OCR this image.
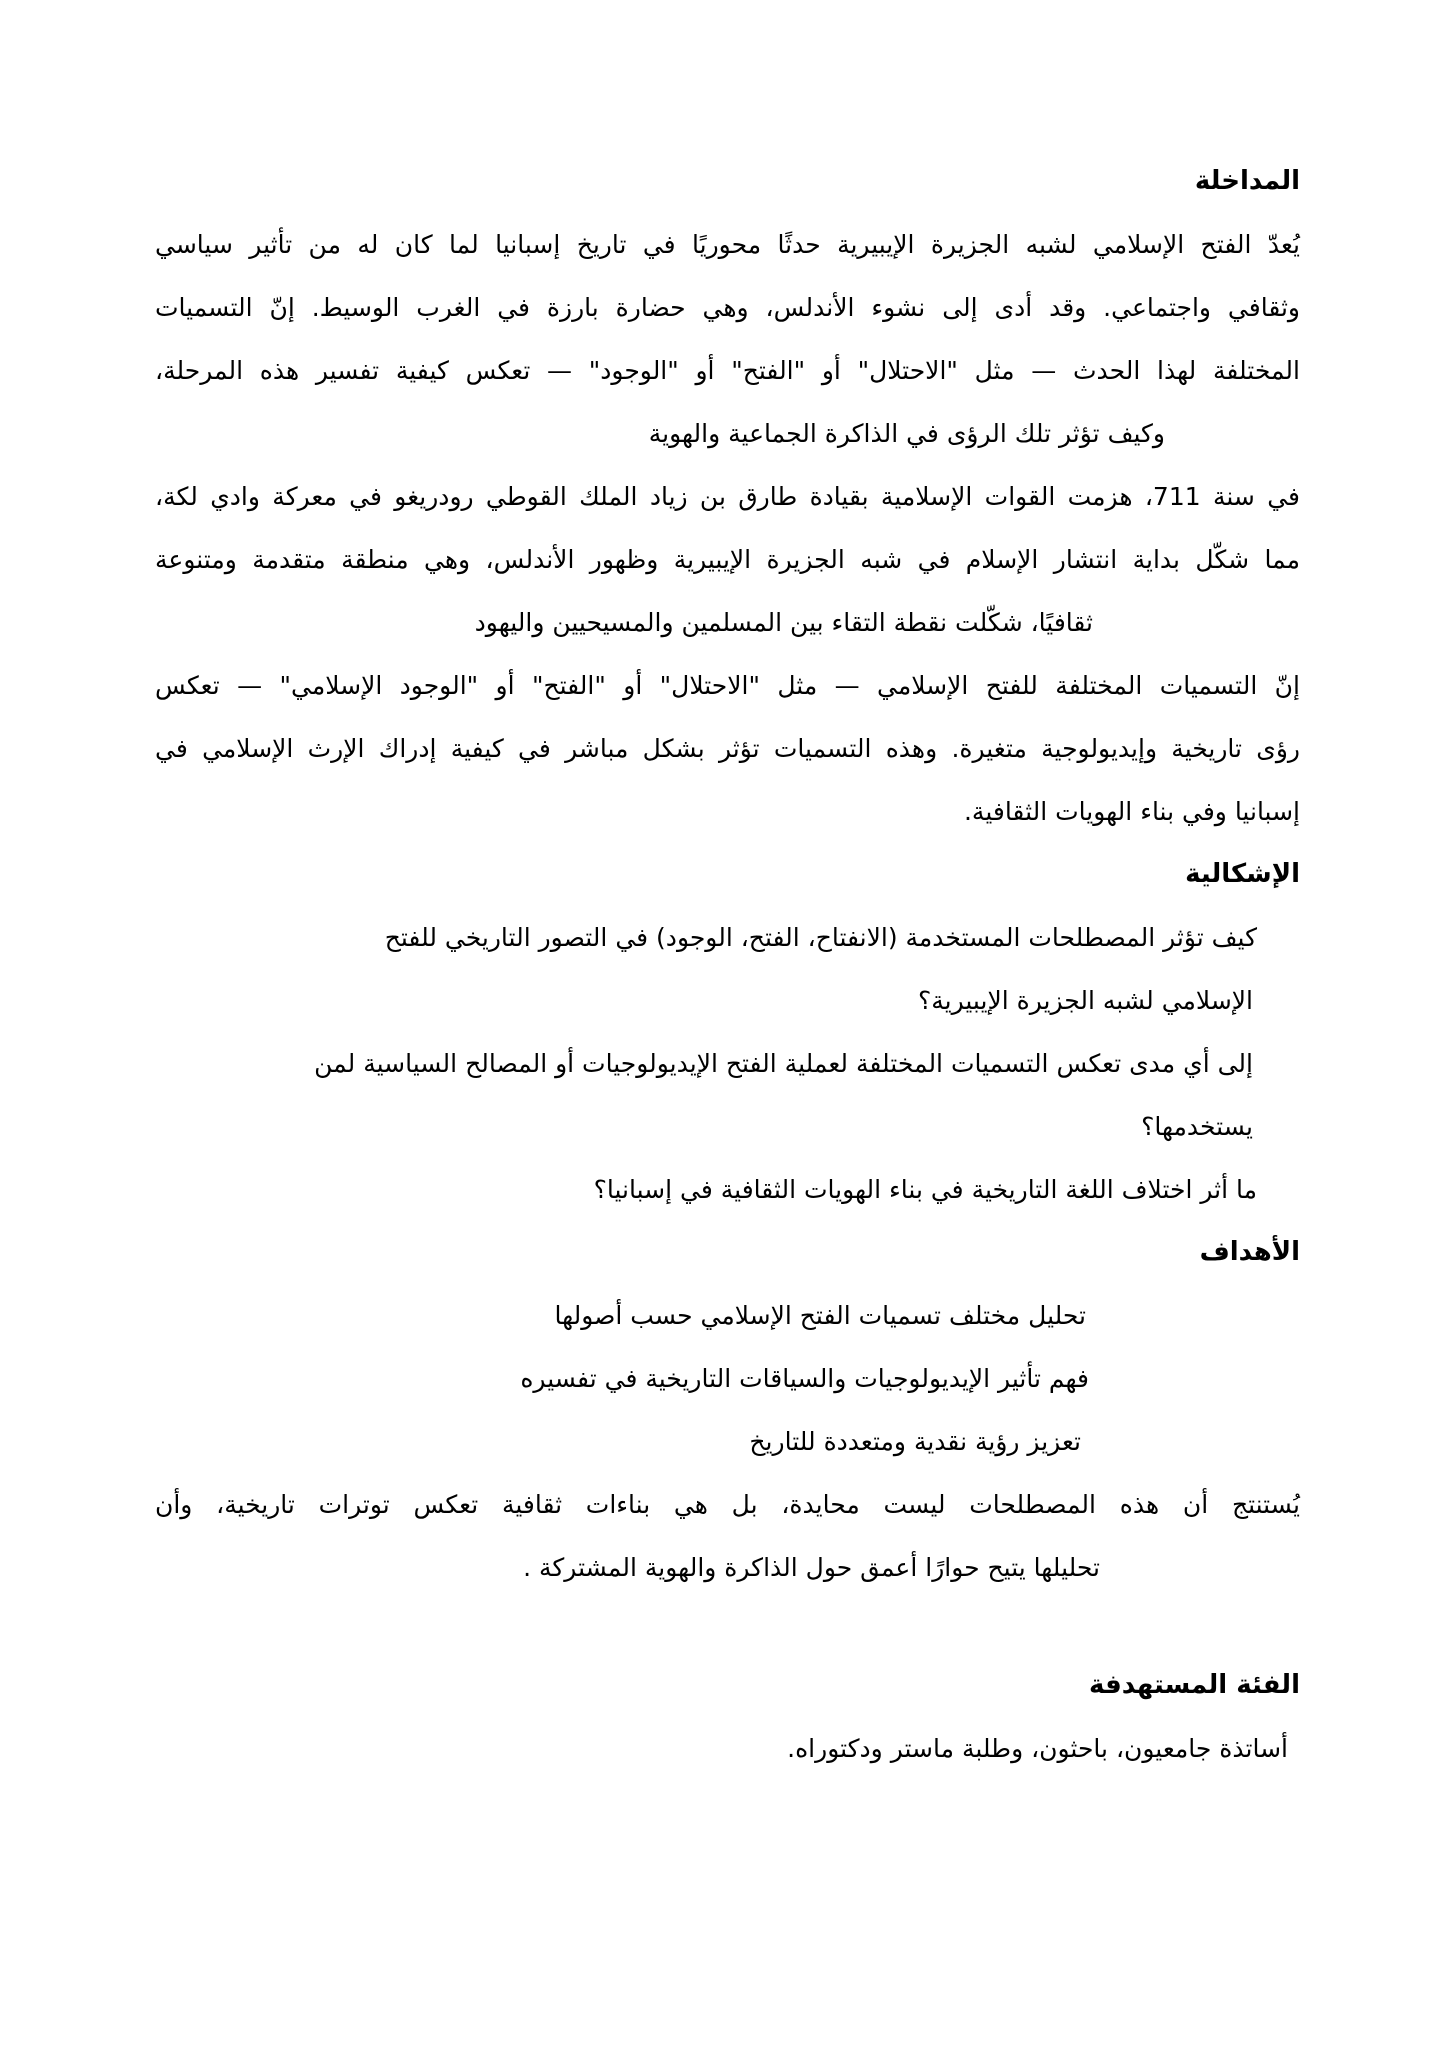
المداخلة
يُعدّ الفتح الإسلامي لشبه الجزيرة الإيبيرية حدثًا محوريًا في تاريخ إسبانيا لما كان له من تأثير سياسي
وثقافي واجتماعي. وقد أدى إلى نشوء الأندلس، وهي حضارة بارزة في الغرب الوسيط. إنّ التسميات
المختلفة لهذا الحدث — مثل "الاحتلال" أو "الفتح" أو "الوجود" — تعكس كيفية تفسير هذه المرحلة،
وكيف تؤثر تلك الرؤى في الذاكرة الجماعية والهوية
في سنة 711، هزمت القوات الإسلامية بقيادة طارق بن زياد الملك القوطي رودريغو في معركة وادي لكة،
مما شكّل بداية انتشار الإسلام في شبه الجزيرة الإيبيرية وظهور الأندلس، وهي منطقة متقدمة ومتنوعة
ثقافيًا، شكّلت نقطة التقاء بين المسلمين والمسيحيين واليهود
إنّ التسميات المختلفة للفتح الإسلامي — مثل "الاحتلال" أو "الفتح" أو "الوجود الإسلامي" — تعكس
رؤى تاريخية وإيديولوجية متغيرة. وهذه التسميات تؤثر بشكل مباشر في كيفية إدراك الإرث الإسلامي في
إسبانيا وفي بناء الهويات الثقافية.
الإشكالية
كيف تؤثر المصطلحات المستخدمة (الانفتاح، الفتح، الوجود) في التصور التاريخي للفتح
الإسلامي لشبه الجزيرة الإيبيرية؟
إلى أي مدى تعكس التسميات المختلفة لعملية الفتح الإيديولوجيات أو المصالح السياسية لمن
يستخدمها؟
ما أثر اختلاف اللغة التاريخية في بناء الهويات الثقافية في إسبانيا؟
الأهداف
تحليل مختلف تسميات الفتح الإسلامي حسب أصولها
فهم تأثير الإيديولوجيات والسياقات التاريخية في تفسيره
تعزيز رؤية نقدية ومتعددة للتاريخ
يُستنتج أن هذه المصطلحات ليست محايدة، بل هي بناءات ثقافية تعكس توترات تاريخية، وأن
تحليلها يتيح حوارًا أعمق حول الذاكرة والهوية المشتركة .
الفئة المستهدفة
أساتذة جامعيون، باحثون، وطلبة ماستر ودكتوراه.
